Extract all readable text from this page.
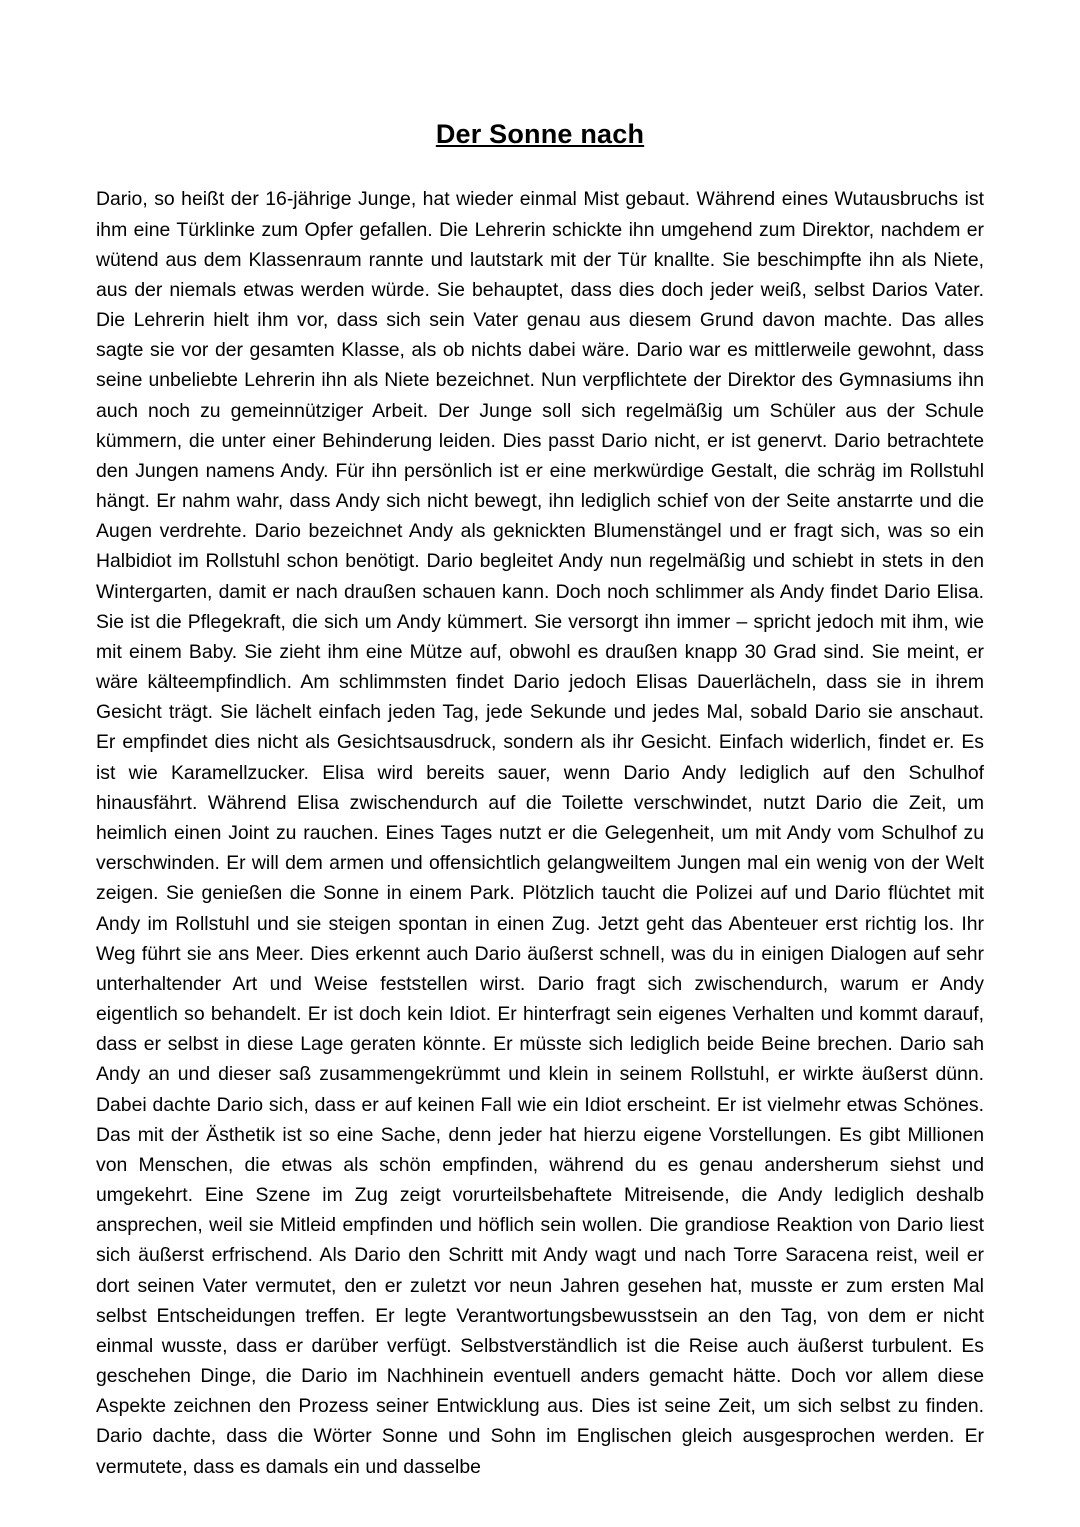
Der Sonne nach

Dario, so heißt der 16-jährige Junge, hat wieder einmal Mist gebaut. Während eines Wutausbruchs ist ihm eine Türklinke zum Opfer gefallen. Die Lehrerin schickte ihn umgehend zum Direktor, nachdem er wütend aus dem Klassenraum rannte und lautstark mit der Tür knallte. Sie beschimpfte ihn als Niete, aus der niemals etwas werden würde. Sie behauptet, dass dies doch jeder weiß, selbst Darios Vater. Die Lehrerin hielt ihm vor, dass sich sein Vater genau aus diesem Grund davon machte. Das alles sagte sie vor der gesamten Klasse, als ob nichts dabei wäre. Dario war es mittlerweile gewohnt, dass seine unbeliebte Lehrerin ihn als Niete bezeichnet. Nun verpflichtete der Direktor des Gymnasiums ihn auch noch zu gemeinnütziger Arbeit. Der Junge soll sich regelmäßig um Schüler aus der Schule kümmern, die unter einer Behinderung leiden. Dies passt Dario nicht, er ist genervt. Dario betrachtete den Jungen namens Andy. Für ihn persönlich ist er eine merkwürdige Gestalt, die schräg im Rollstuhl hängt. Er nahm wahr, dass Andy sich nicht bewegt, ihn lediglich schief von der Seite anstarrte und die Augen verdrehte. Dario bezeichnet Andy als geknickten Blumenstängel und er fragt sich, was so ein Halbidiot im Rollstuhl schon benötigt. Dario begleitet Andy nun regelmäßig und schiebt in stets in den Wintergarten, damit er nach draußen schauen kann. Doch noch schlimmer als Andy findet Dario Elisa. Sie ist die Pflegekraft, die sich um Andy kümmert. Sie versorgt ihn immer – spricht jedoch mit ihm, wie mit einem Baby. Sie zieht ihm eine Mütze auf, obwohl es draußen knapp 30 Grad sind. Sie meint, er wäre kälteempfindlich. Am schlimmsten findet Dario jedoch Elisas Dauerlächeln, dass sie in ihrem Gesicht trägt. Sie lächelt einfach jeden Tag, jede Sekunde und jedes Mal, sobald Dario sie anschaut. Er empfindet dies nicht als Gesichtsausdruck, sondern als ihr Gesicht. Einfach widerlich, findet er. Es ist wie Karamellzucker. Elisa wird bereits sauer, wenn Dario Andy lediglich auf den Schulhof hinausfährt. Während Elisa zwischendurch auf die Toilette verschwindet, nutzt Dario die Zeit, um heimlich einen Joint zu rauchen. Eines Tages nutzt er die Gelegenheit, um mit Andy vom Schulhof zu verschwinden. Er will dem armen und offensichtlich gelangweiltem Jungen mal ein wenig von der Welt zeigen. Sie genießen die Sonne in einem Park. Plötzlich taucht die Polizei auf und Dario flüchtet mit Andy im Rollstuhl und sie steigen spontan in einen Zug. Jetzt geht das Abenteuer erst richtig los. Ihr Weg führt sie ans Meer. Dies erkennt auch Dario äußerst schnell, was du in einigen Dialogen auf sehr unterhaltender Art und Weise feststellen wirst. Dario fragt sich zwischendurch, warum er Andy eigentlich so behandelt. Er ist doch kein Idiot. Er hinterfragt sein eigenes Verhalten und kommt darauf, dass er selbst in diese Lage geraten könnte. Er müsste sich lediglich beide Beine brechen. Dario sah Andy an und dieser saß zusammengekrümmt und klein in seinem Rollstuhl, er wirkte äußerst dünn. Dabei dachte Dario sich, dass er auf keinen Fall wie ein Idiot erscheint. Er ist vielmehr etwas Schönes. Das mit der Ästhetik ist so eine Sache, denn jeder hat hierzu eigene Vorstellungen. Es gibt Millionen von Menschen, die etwas als schön empfinden, während du es genau andersherum siehst und umgekehrt. Eine Szene im Zug zeigt vorurteilsbehaftete Mitreisende, die Andy lediglich deshalb ansprechen, weil sie Mitleid empfinden und höflich sein wollen. Die grandiose Reaktion von Dario liest sich äußerst erfrischend. Als Dario den Schritt mit Andy wagt und nach Torre Saracena reist, weil er dort seinen Vater vermutet, den er zuletzt vor neun Jahren gesehen hat, musste er zum ersten Mal selbst Entscheidungen treffen. Er legte Verantwortungsbewusstsein an den Tag, von dem er nicht einmal wusste, dass er darüber verfügt. Selbstverständlich ist die Reise auch äußerst turbulent. Es geschehen Dinge, die Dario im Nachhinein eventuell anders gemacht hätte. Doch vor allem diese Aspekte zeichnen den Prozess seiner Entwicklung aus. Dies ist seine Zeit, um sich selbst zu finden. Dario dachte, dass die Wörter Sonne und Sohn im Englischen gleich ausgesprochen werden. Er vermutete, dass es damals ein und dasselbe
